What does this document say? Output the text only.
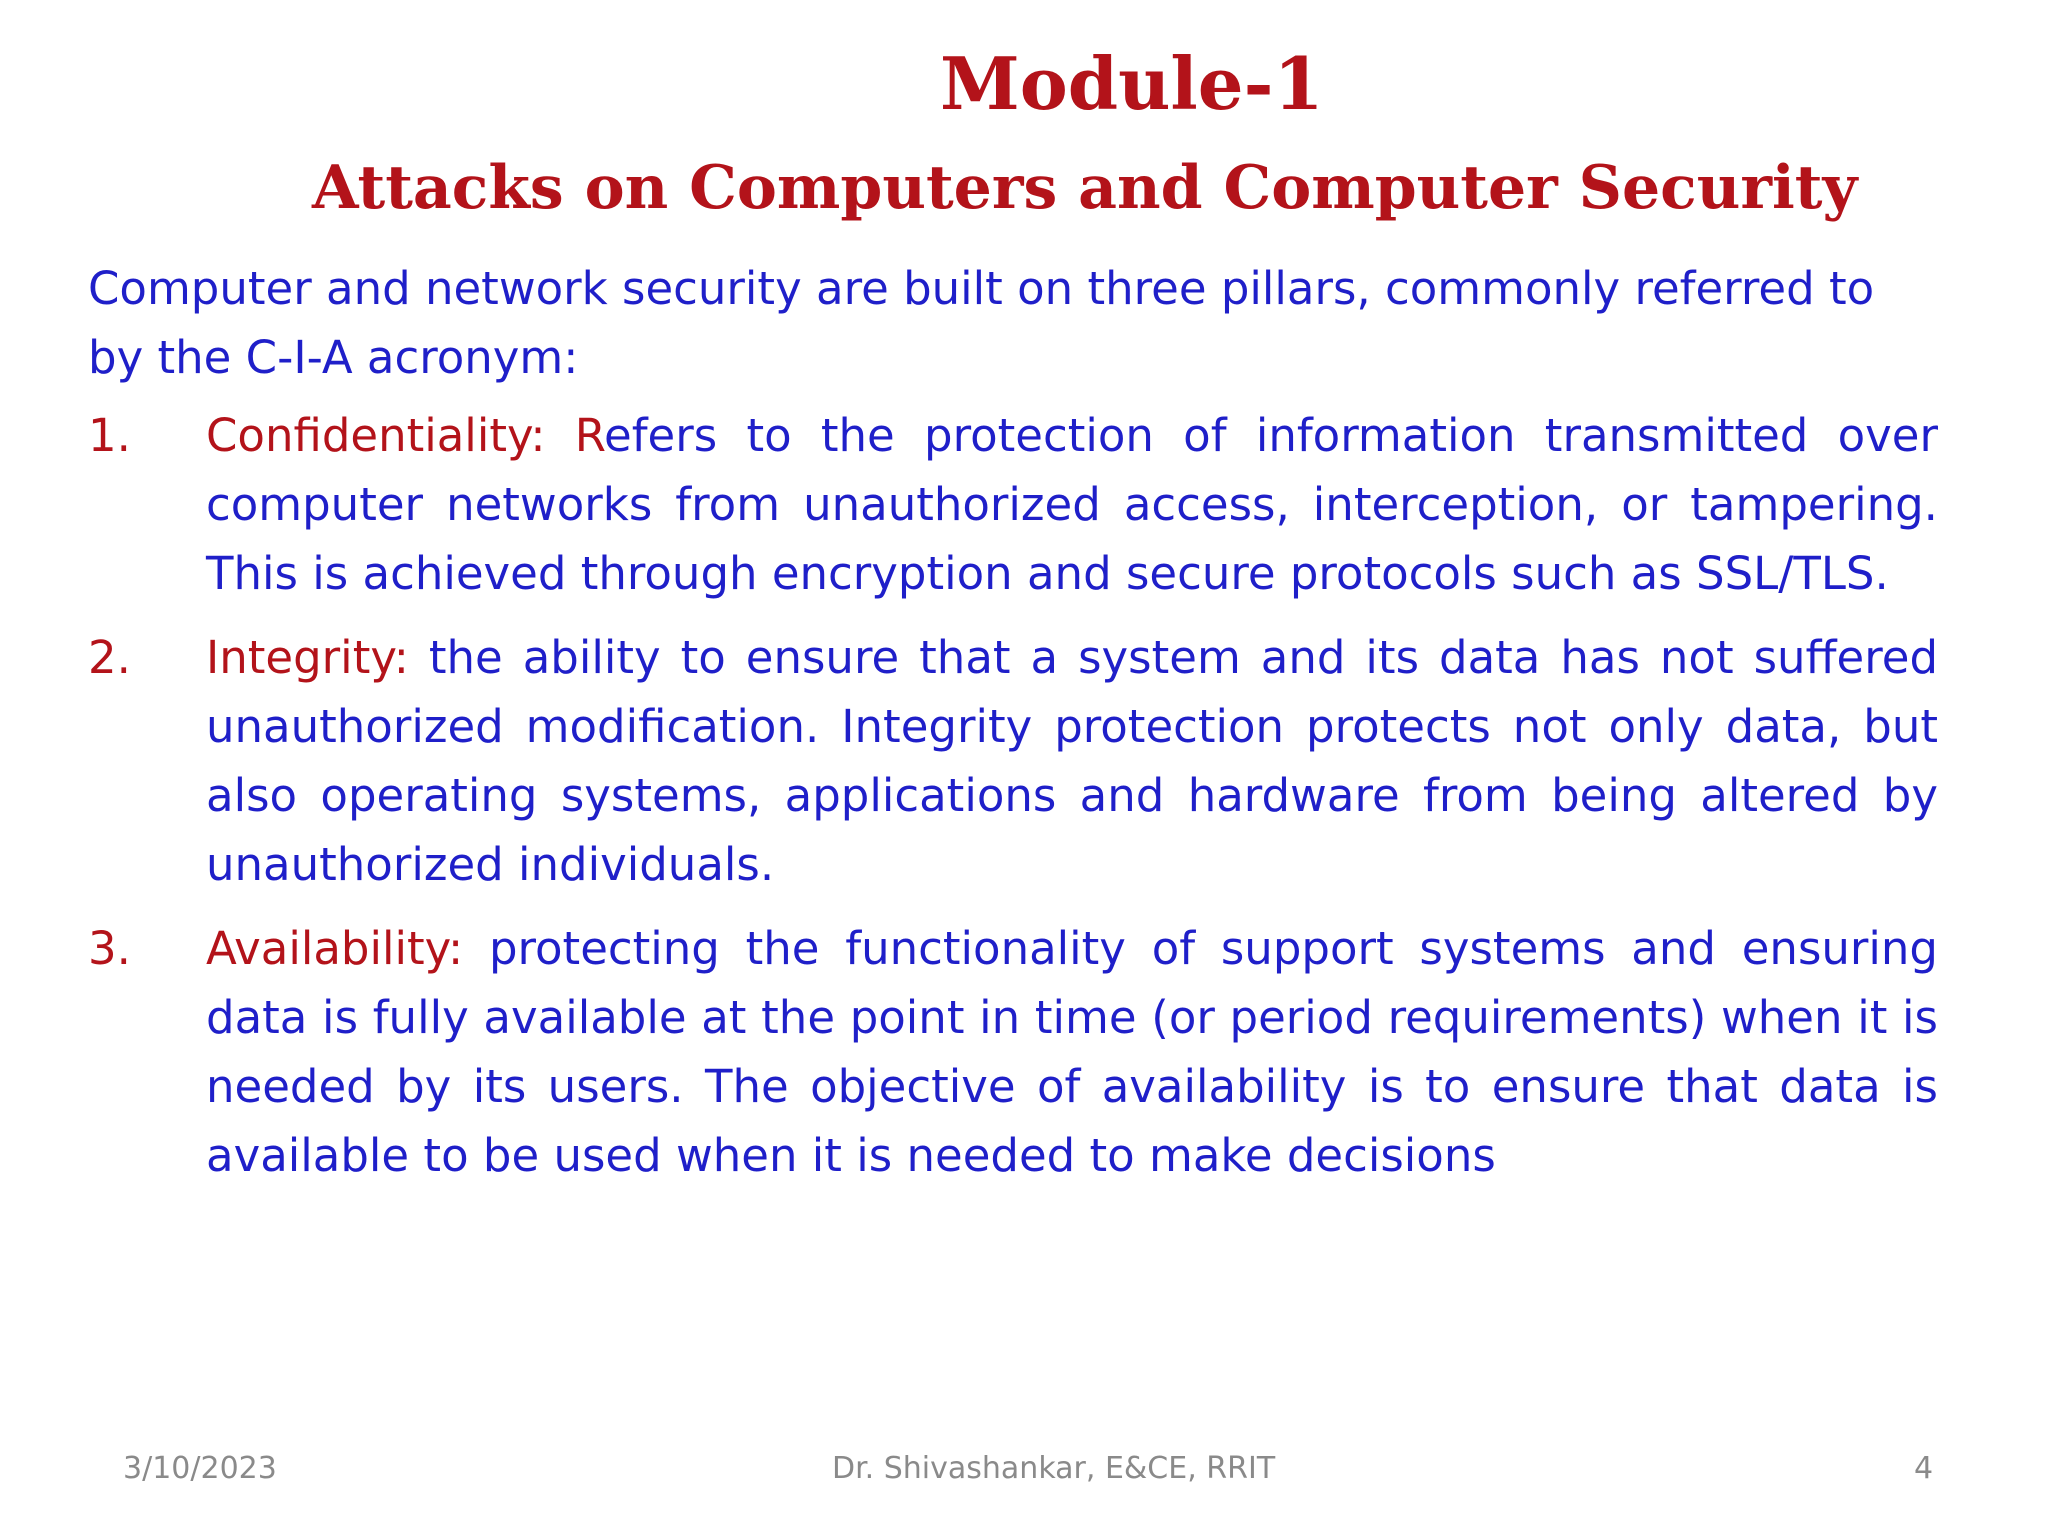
Module-1
Attacks on Computers and Computer Security

Computer and network security are built on three pillars, commonly referred to by the C-I-A acronym:

1. Confidentiality: Refers to the protection of information transmitted over computer networks from unauthorized access, interception, or tampering. This is achieved through encryption and secure protocols such as SSL/TLS.
2. Integrity: the ability to ensure that a system and its data has not suffered unauthorized modification. Integrity protection protects not only data, but also operating systems, applications and hardware from being altered by unauthorized individuals.
3. Availability: protecting the functionality of support systems and ensuring data is fully available at the point in time (or period requirements) when it is needed by its users. The objective of availability is to ensure that data is available to be used when it is needed to make decisions
3/10/2023	Dr. Shivashankar, E&CE, RRIT	4
